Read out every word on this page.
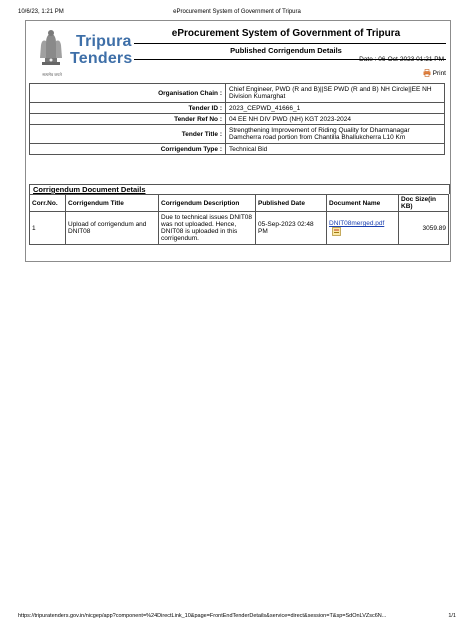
10/6/23, 1:21 PM	eProcurement System of Government of Tripura
सत्यमेव जयते
Tripura
Tenders
eProcurement System of Government of Tripura
Published Corrigendum Details
Date : 06-Oct-2023 01:21 PM
Print
Organisation Chain :	Chief Engineer, PWD (R and B)||SE PWD (R and B) NH Circle||EE NH Division Kumarghat
Tender ID :	2023_CEPWD_41666_1
Tender Ref No :	04 EE NH DIV PWD (NH) KGT 2023-2024
Tender Title :	Strengthening Improvement of Riding Quality for Dharmanagar Damcherra road portion from Chantilla Bhallukcherra L10 Km
Corrigendum Type :	Technical Bid
Corrigendum Document Details
Corr.No.	Corrigendum Title	Corrigendum Description	Published Date	Document Name	Doc Size(in KB)
1	Upload of corrigendum and DNIT08	Due to technical issues DNIT08 was not uploaded. Hence, DNIT08 is uploaded in this corrigendum.	05-Sep-2023 02:48 PM	DNIT08merged.pdf	3059.89
https://tripuratenders.gov.in/nicgep/app?component=%24DirectLink_10&page=FrontEndTenderDetails&service=direct&session=T&sp=SdOnLVZsc6N...	1/1
